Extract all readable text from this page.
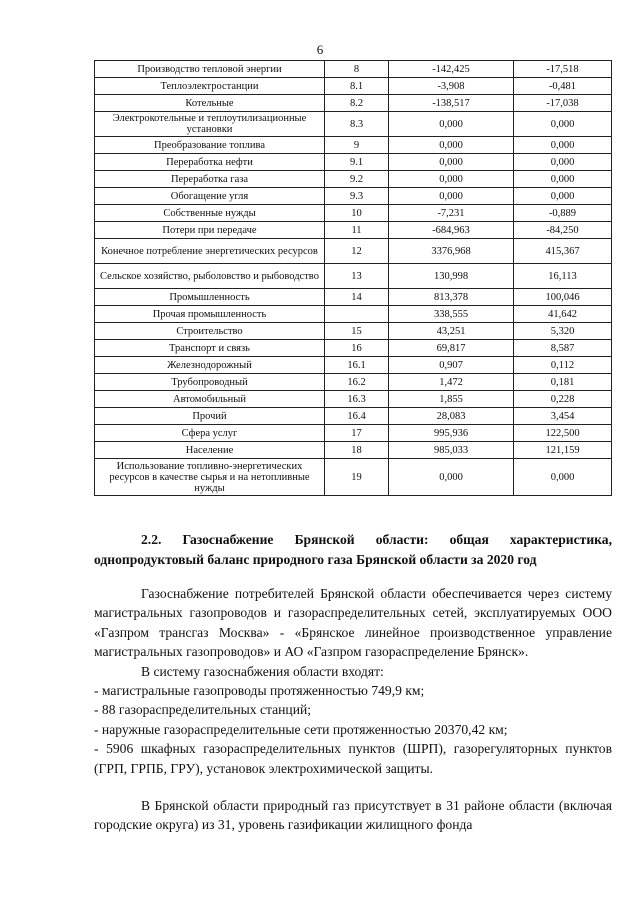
6
Производство тепловой энергии	8	-142,425	-17,518
Теплоэлектростанции	8.1	-3,908	-0,481
Котельные	8.2	-138,517	-17,038
Электрокотельные и теплоутилизационные установки	8.3	0,000	0,000
Преобразование топлива	9	0,000	0,000
Переработка нефти	9.1	0,000	0,000
Переработка газа	9.2	0,000	0,000
Обогащение угля	9.3	0,000	0,000
Собственные нужды	10	-7,231	-0,889
Потери при передаче	11	-684,963	-84,250
Конечное потребление энергетических ресурсов	12	3376,968	415,367
Сельское хозяйство, рыболовство и рыбоводство	13	130,998	16,113
Промышленность	14	813,378	100,046
Прочая промышленность		338,555	41,642
Строительство	15	43,251	5,320
Транспорт и связь	16	69,817	8,587
Железнодорожный	16.1	0,907	0,112
Трубопроводный	16.2	1,472	0,181
Автомобильный	16.3	1,855	0,228
Прочий	16.4	28,083	3,454
Сфера услуг	17	995,936	122,500
Население	18	985,033	121,159
Использование топливно-энергетических ресурсов в качестве сырья и на нетопливные нужды	19	0,000	0,000

2.2. Газоснабжение Брянской области: общая характеристика,

однопродуктовый баланс природного газа Брянской области за 2020 год

Газоснабжение потребителей Брянской области обеспечивается через систему магистральных газопроводов и газораспределительных сетей, эксплуатируемых ООО «Газпром трансгаз Москва» - «Брянское линейное производственное управление магистральных газопроводов» и АО «Газпром газораспределение Брянск».

В систему газоснабжения области входят:

- магистральные газопроводы протяженностью 749,9 км;

- 88 газораспределительных станций;

- наружные газораспределительные сети протяженностью 20370,42 км;

- 5906 шкафных газораспределительных пунктов (ШРП), газорегуляторных пунктов (ГРП, ГРПБ, ГРУ), установок электрохимической защиты.

В Брянской области природный газ присутствует в 31 районе области (включая городские округа) из 31, уровень газификации жилищного фонда
